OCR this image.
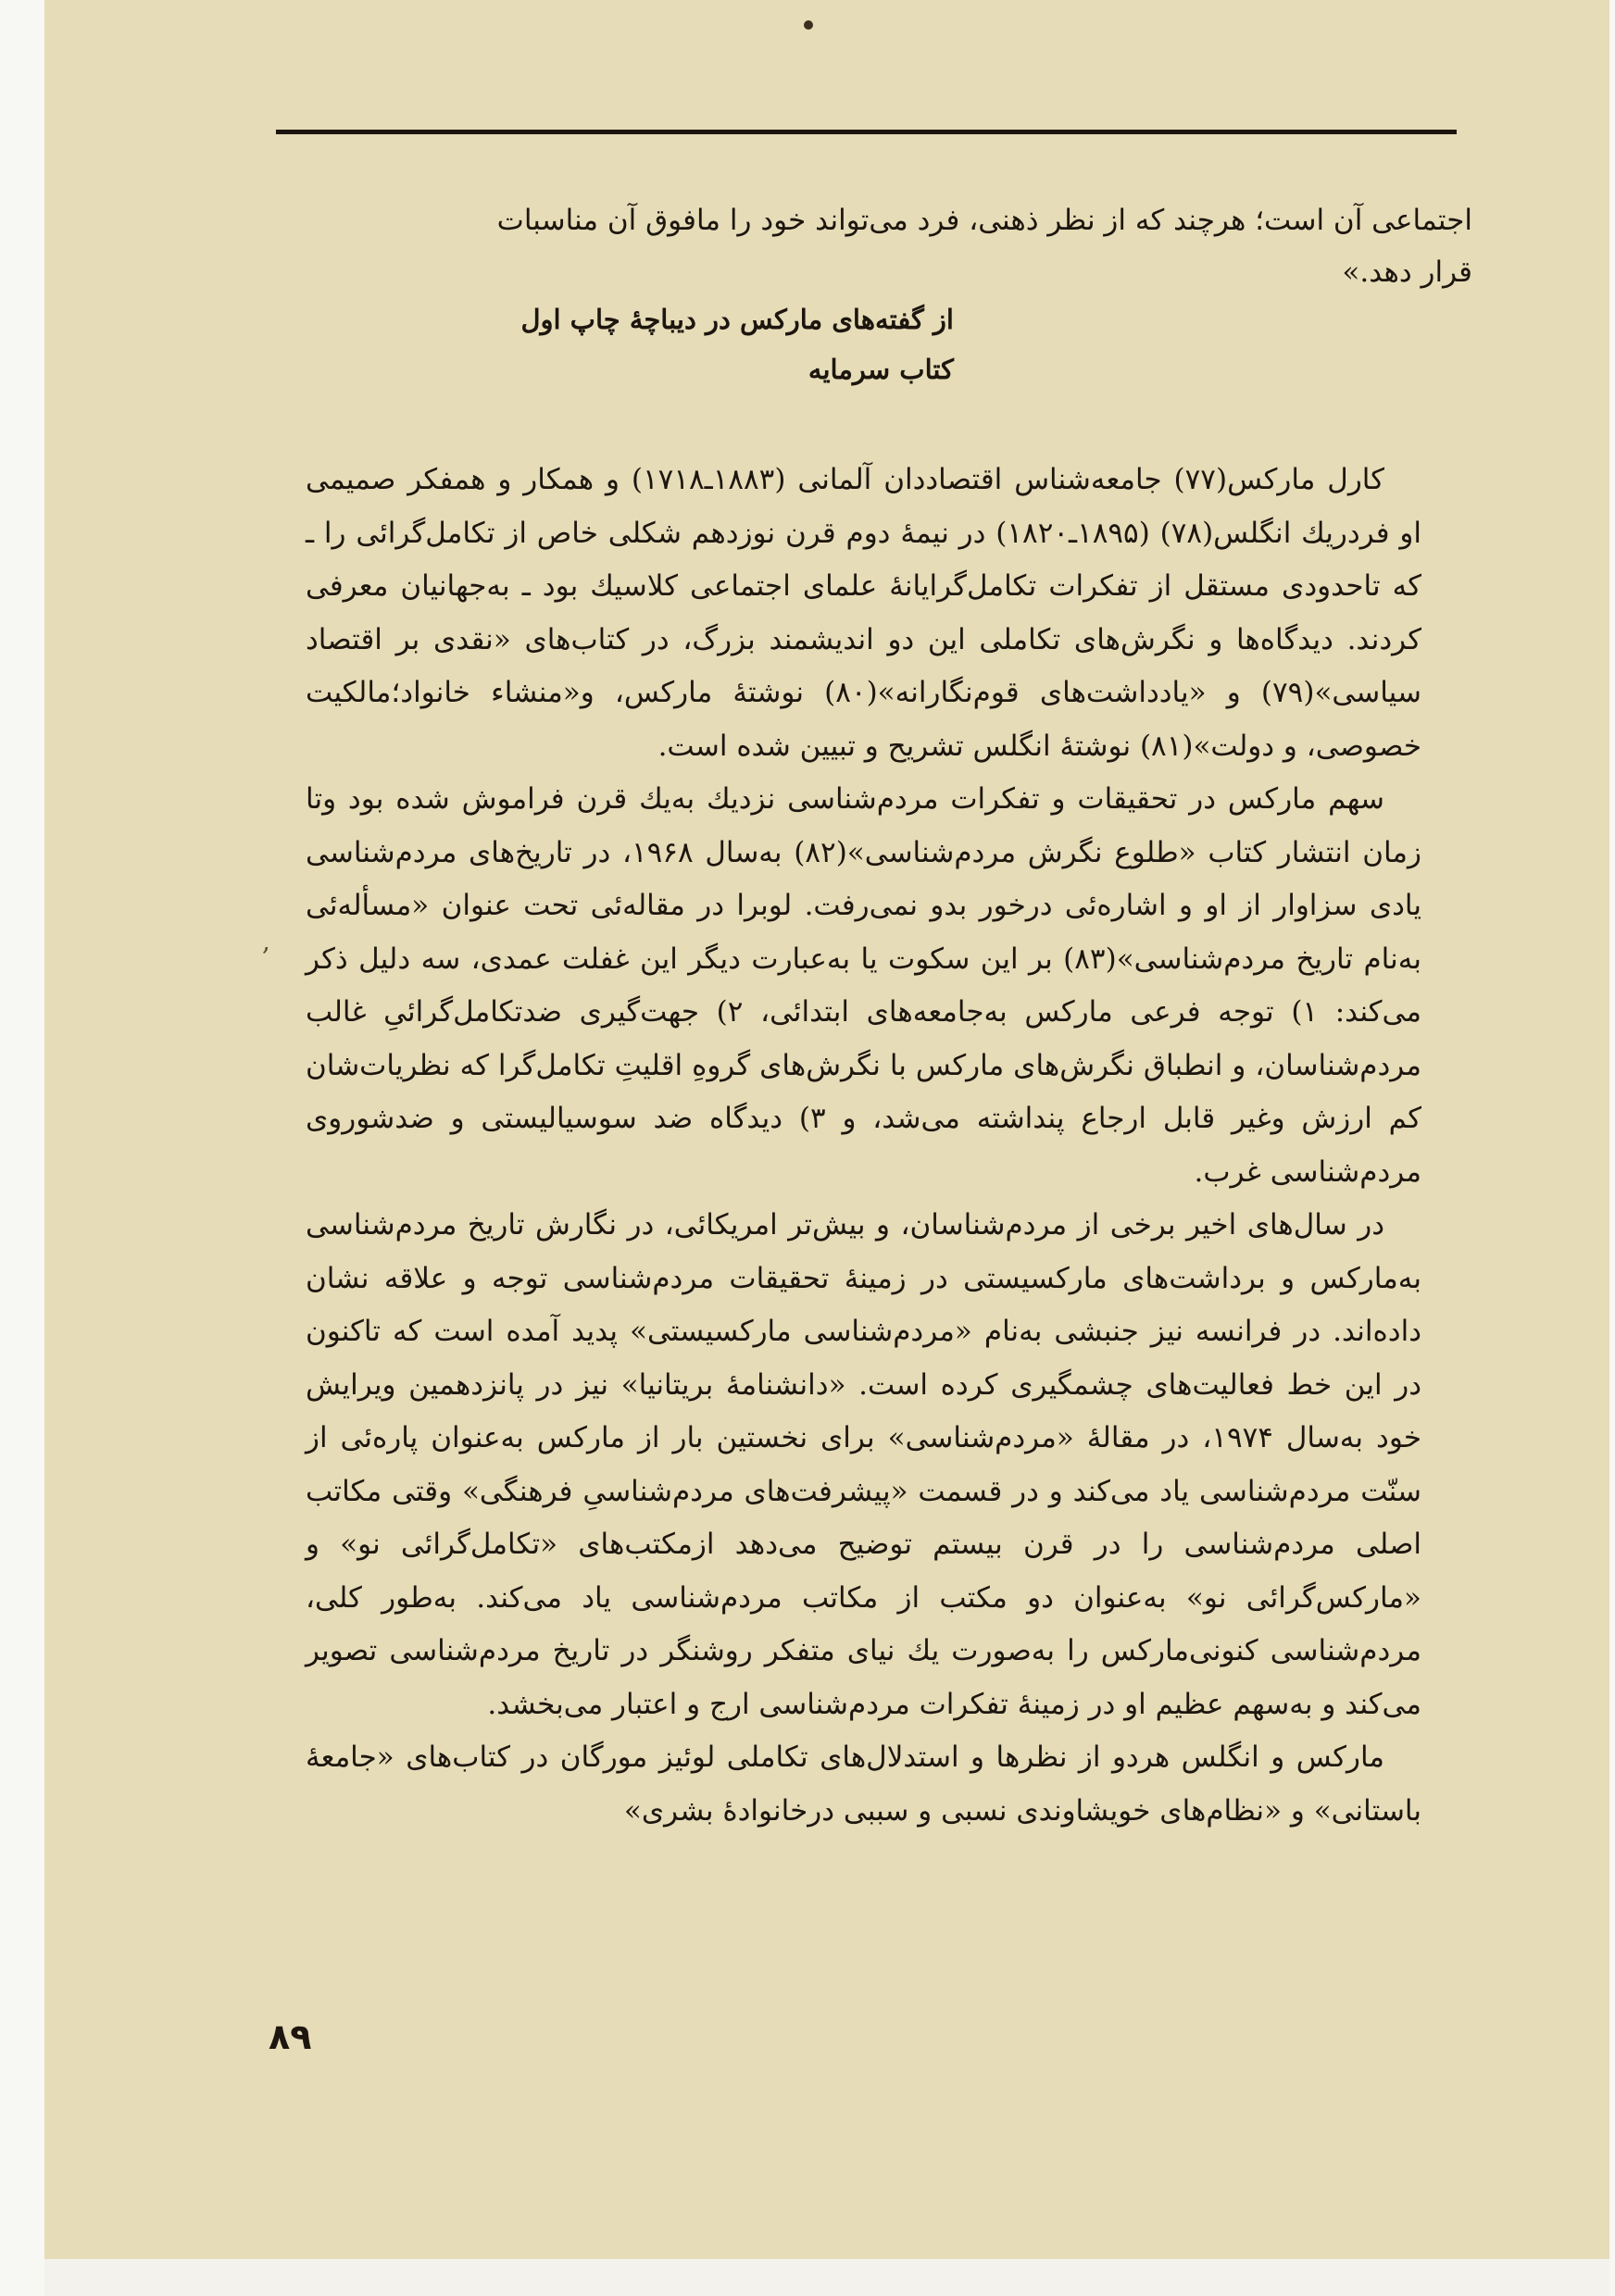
اجتماعی آن است؛ هرچند که از نظر ذهنی، فرد می‌تواند خود را مافوق آن مناسبات

قرار دهد.»

از گفته‌های مارکس در دیباچهٔ چاپ اول
کتاب سرمایه

کارل مارکس(۷۷) جامعه‌شناس اقتصاددان آلمانی (۱۸۸۳ـ۱۷۱۸) و همکار و همفکر صمیمی او فردریك انگلس(۷۸) (۱۸۹۵ـ۱۸۲۰) در نیمهٔ دوم قرن نوزدهم شکلی خاص از تکامل‌گرائی را ـ که تاحدودی مستقل از تفکرات تکامل‌گرایانهٔ علمای اجتماعی کلاسیك بود ـ به‌جهانیان معرفی کردند. دیدگاه‌ها و نگرش‌های تکاملی این دو اندیشمند بزرگ، در کتاب‌های «نقدی بر اقتصاد سیاسی»(۷۹) و «یادداشت‌های قوم‌نگارانه»(۸۰) نوشتهٔ مارکس، و«منشاء خانواد؛مالکیت خصوصی، و دولت»(۸۱) نوشتهٔ انگلس تشریح و تبیین شده است.

سهم مارکس در تحقیقات و تفکرات مردم‌شناسی نزدیك به‌یك قرن فراموش شده بود وتا زمان انتشار کتاب «طلوع نگرش مردم‌شناسی»(۸۲) به‌سال ۱۹۶۸، در تاریخ‌های مردم‌شناسی یادی سزاوار از او و اشاره‌ئی درخور بدو نمی‌رفت. لوبرا در مقاله‌ئی تحت عنوان «مسأله‌ئی به‌نام تاریخ مردم‌شناسی»(۸۳) بر این سکوت یا به‌عبارت دیگر این غفلت عمدی، سه دلیل ذکر می‌کند: ۱) توجه فرعی مارکس به‌جامعه‌های ابتدائی، ۲) جهت‌گیری ضدتکامل‌گرائیِ غالب مردم‌شناسان، و انطباق نگرش‌های مارکس با نگرش‌های گروهِ اقلیتِ تکامل‌گرا که نظریات‌شان کم ارزش وغیر قابل ارجاع پنداشته می‌شد، و ۳) دیدگاه ضد سوسیالیستی و ضدشوروی مردم‌شناسی غرب.

در سال‌های اخیر برخی از مردم‌شناسان، و بیش‌تر امریکائی، در نگارش تاریخ مردم‌شناسی به‌مارکس و برداشت‌های مارکسیستی در زمینهٔ تحقیقات مردم‌شناسی توجه و علاقه نشان داده‌اند. در فرانسه نیز جنبشی به‌نام «مردم‌شناسی مارکسیستی» پدید آمده است که تاکنون در این خط فعالیت‌های چشمگیری کرده است. «دانشنامهٔ بریتانیا» نیز در پانزدهمین ویرایش خود به‌سال ۱۹۷۴، در مقالهٔ «مردم‌شناسی» برای نخستین بار از مارکس به‌عنوان پاره‌ئی از سنّت مردم‌شناسی یاد می‌کند و در قسمت «پیشرفت‌های مردم‌شناسیِ فرهنگی» وقتی مکاتب اصلی مردم‌شناسی را در قرن بیستم توضیح می‌دهد ازمکتب‌های «تکامل‌گرائی نو» و «مارکس‌گرائی نو» به‌عنوان دو مکتب از مکاتب مردم‌شناسی یاد می‌کند. به‌طور کلی، مردم‌شناسی کنونی‌‌مارکس را به‌صورت یك نیای متفکر روشنگر در تاریخ مردم‌شناسی تصویر می‌کند و به‌سهم عظیم او در زمینهٔ تفکرات مردم‌شناسی ارج و اعتبار می‌بخشد.

مارکس و انگلس هردو از نظرها و استدلال‌های تکاملی لوئیز مورگان در کتاب‌های «جامعهٔ باستانی» و «نظام‌های خویشاوندی نسبی و سببی درخانوادهٔ بشری»

۸۹
,
